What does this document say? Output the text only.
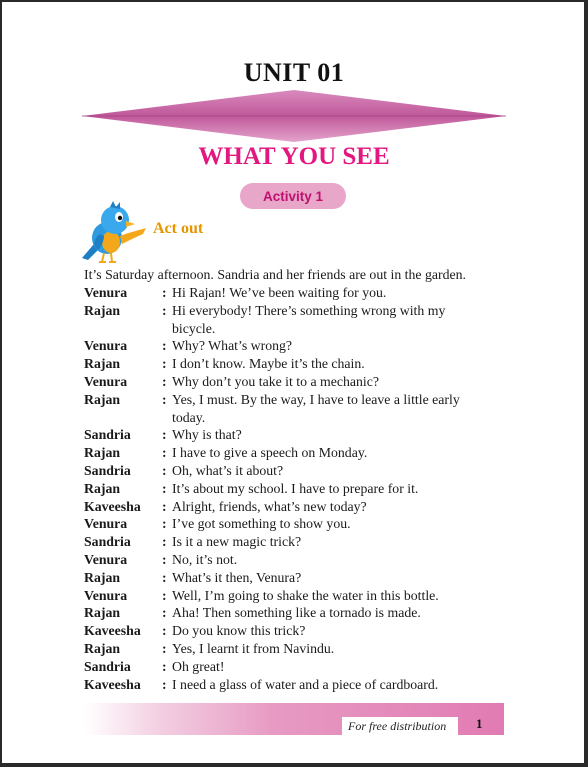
UNIT 01
WHAT YOU SEE
Activity 1
Act out
It’s Saturday afternoon. Sandria and her friends are out in the garden.
Venura	: Hi Rajan! We’ve been waiting for you.
Rajan	: Hi everybody! There’s something wrong with my
bicycle.
Venura	: Why? What’s wrong?
Rajan	: I don’t know. Maybe it’s the chain.
Venura	: Why don’t you take it to a mechanic?
Rajan	: Yes, I must. By the way, I have to leave a little early
today.
Sandria	: Why is that?
Rajan	: I have to give a speech on Monday.
Sandria	: Oh, what’s it about?
Rajan	: It’s about my school. I have to prepare for it.
Kaveesha	: Alright, friends, what’s new today?
Venura	: I’ve got something to show you.
Sandria	: Is it a new magic trick?
Venura	: No, it’s not.
Rajan	: What’s it then, Venura?
Venura	: Well, I’m going to shake the water in this bottle.
Rajan	: Aha! Then something like a tornado is made.
Kaveesha	: Do you know this trick?
Rajan	: Yes, I learnt it from Navindu.
Sandria	: Oh great!
Kaveesha	: I need a glass of water and a piece of cardboard.
For free distribution 1
